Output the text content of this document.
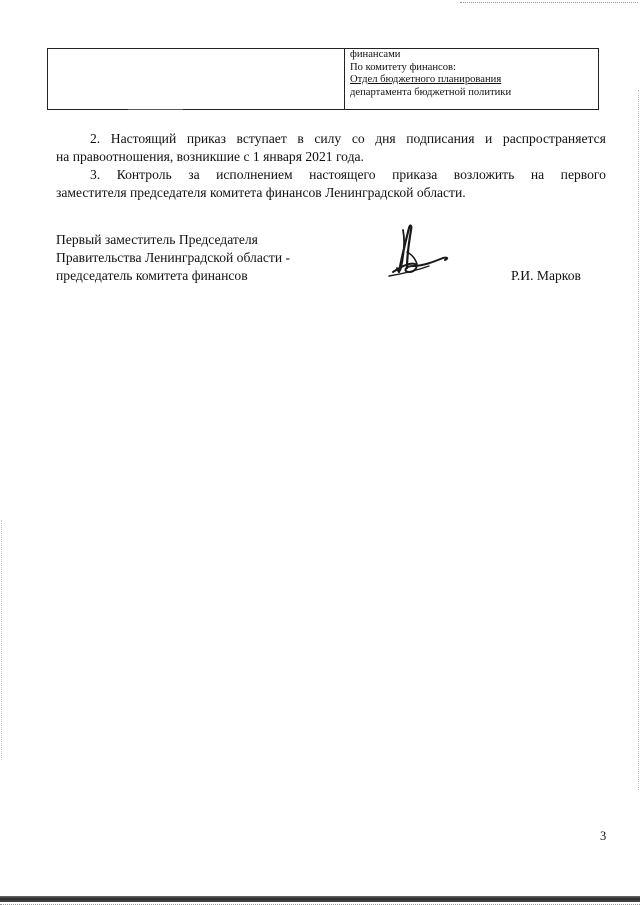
финансами
По комитету финансов:
Отдел бюджетного планирования
департамента бюджетной политики
2. Настоящий приказ вступает в силу со дня подписания и распространяется
на правоотношения, возникшие с 1 января 2021 года.
3. Контроль за исполнением настоящего приказа возложить на первого
заместителя председателя комитета финансов Ленинградской области.
Первый заместитель Председателя
Правительства Ленинградской области -
председатель комитета финансов	Р.И. Марков
3
